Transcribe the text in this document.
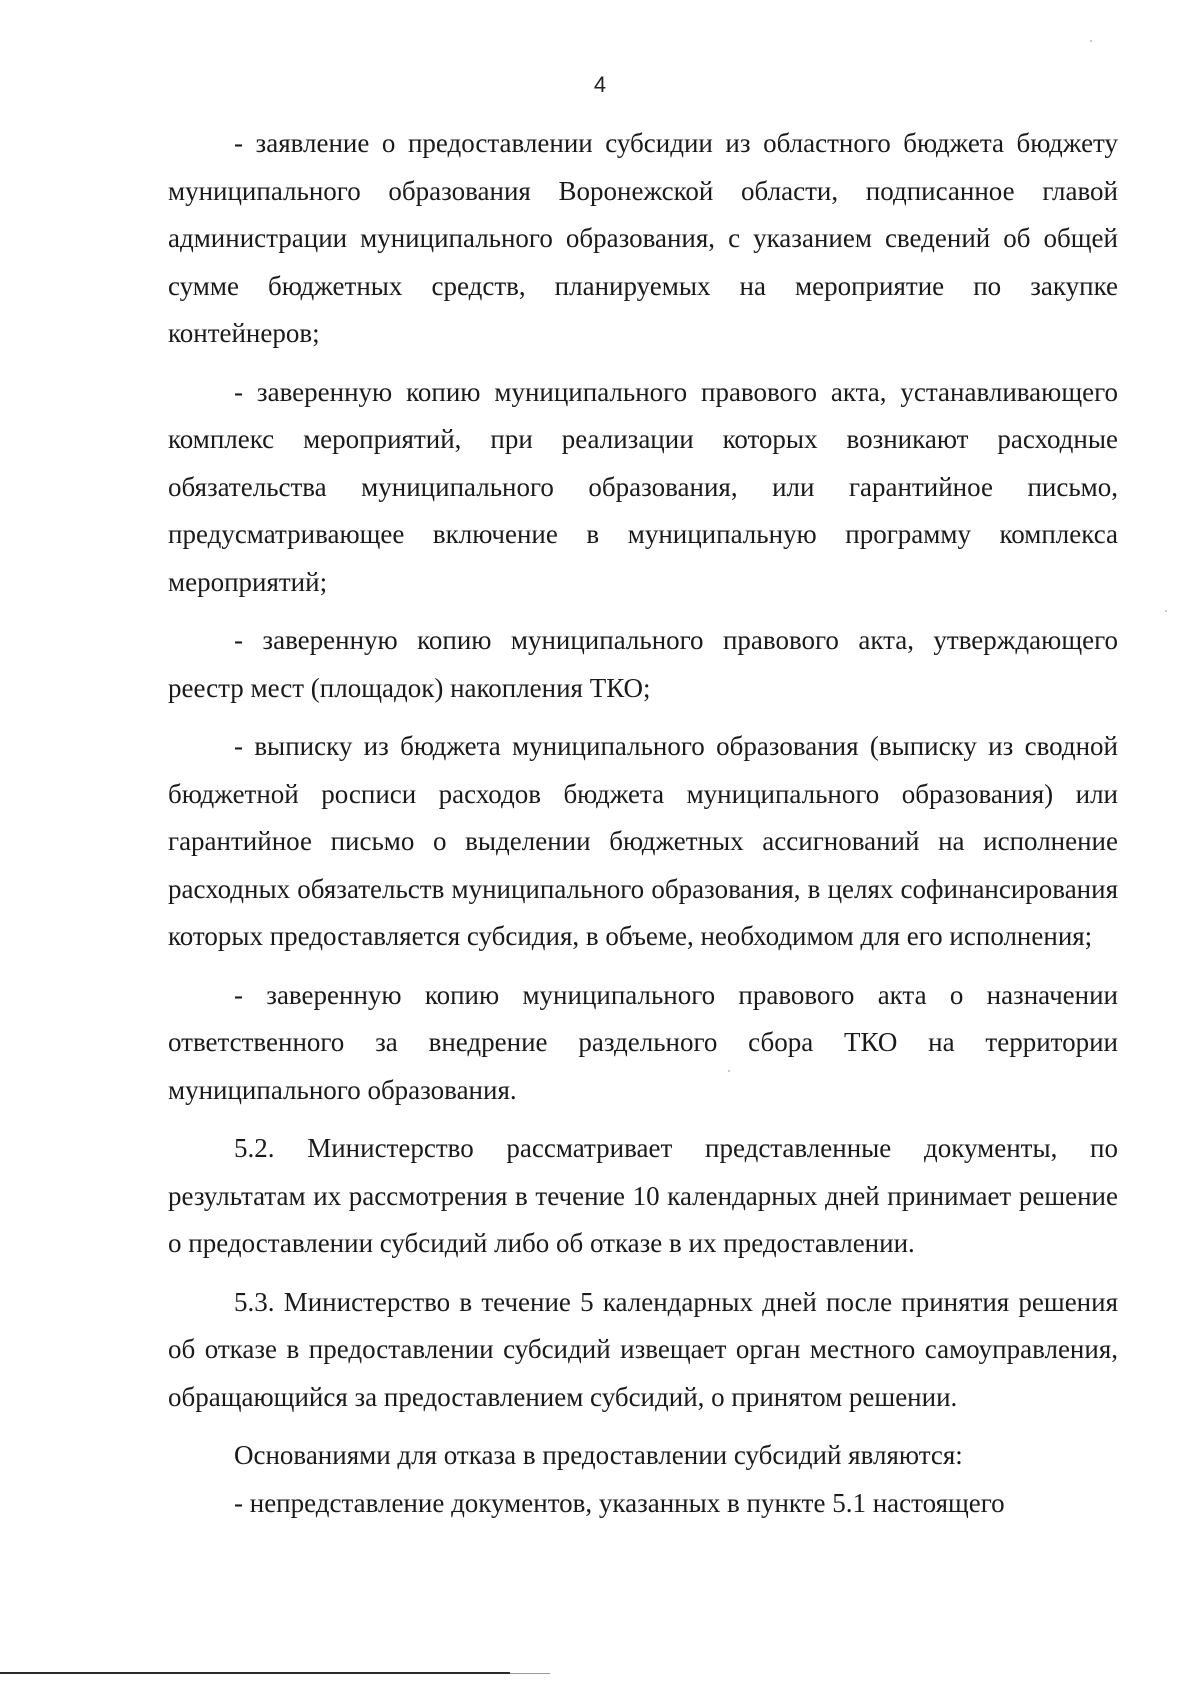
4

- заявление о предоставлении субсидии из областного бюджета бюджету муниципального образования Воронежской области, подписанное главой администрации муниципального образования, с указанием сведений об общей сумме бюджетных средств, планируемых на мероприятие по закупке контейнеров;

- заверенную копию муниципального правового акта, устанавливающего комплекс мероприятий, при реализации которых возникают расходные обязательства муниципального образования, или гарантийное письмо, предусматривающее включение в муниципальную программу комплекса мероприятий;

- заверенную копию муниципального правового акта, утверждающего реестр мест (площадок) накопления ТКО;

- выписку из бюджета муниципального образования (выписку из сводной бюджетной росписи расходов бюджета муниципального образования) или гарантийное письмо о выделении бюджетных ассигнований на исполнение расходных обязательств муниципального образования, в целях софинансирования которых предоставляется субсидия, в объеме, необходимом для его исполнения;

- заверенную копию муниципального правового акта о назначении ответственного за внедрение раздельного сбора ТКО на территории муниципального образования.

5.2. Министерство рассматривает представленные документы, по результатам их рассмотрения в течение 10 календарных дней принимает решение о предоставлении субсидий либо об отказе в их предоставлении.

5.3. Министерство в течение 5 календарных дней после принятия решения об отказе в предоставлении субсидий извещает орган местного самоуправления, обращающийся за предоставлением субсидий, о принятом решении.

Основаниями для отказа в предоставлении субсидий являются:

- непредставление документов, указанных в пункте 5.1 настоящего
